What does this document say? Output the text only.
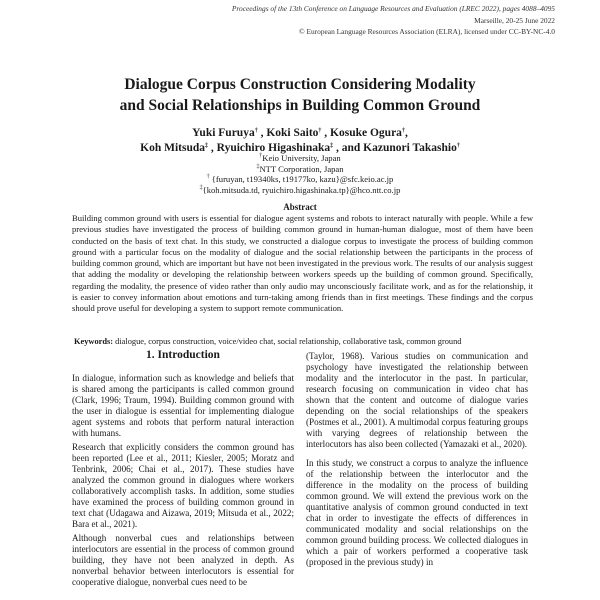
Proceedings of the 13th Conference on Language Resources and Evaluation (LREC 2022), pages 4088–4095
Marseille, 20-25 June 2022
© European Language Resources Association (ELRA), licensed under CC-BY-NC-4.0
Dialogue Corpus Construction Considering Modality
and Social Relationships in Building Common Ground
Yuki Furuya† , Koki Saito† , Kosuke Ogura†,
Koh Mitsuda‡ , Ryuichiro Higashinaka‡ , and Kazunori Takashio†
†Keio University, Japan
‡NTT Corporation, Japan
† {furuyan, t19340ks, t19177ko, kazu}@sfc.keio.ac.jp
‡{koh.mitsuda.td, ryuichiro.higashinaka.tp}@hco.ntt.co.jp
Abstract

Building common ground with users is essential for dialogue agent systems and robots to interact naturally with people. While a few previous studies have investigated the process of building common ground in human-human dialogue, most of them have been conducted on the basis of text chat. In this study, we constructed a dialogue corpus to investigate the process of building common ground with a particular focus on the modality of dialogue and the social relationship between the participants in the process of building common ground, which are important but have not been investigated in the previous work. The results of our analysis suggest that adding the modality or developing the relationship between workers speeds up the building of common ground. Specifically, regarding the modality, the presence of video rather than only audio may unconsciously facilitate work, and as for the relationship, it is easier to convey information about emotions and turn-taking among friends than in first meetings. These findings and the corpus should prove useful for developing a system to support remote communication.

Keywords: dialogue, corpus construction, voice/video chat, social relationship, collaborative task, common ground
1. Introduction

In dialogue, information such as knowledge and beliefs that is shared among the participants is called common ground (Clark, 1996; Traum, 1994). Building common ground with the user in dialogue is essential for implementing dialogue agent systems and robots that perform natural interaction with humans.

Research that explicitly considers the common ground has been reported (Lee et al., 2011; Kiesler, 2005; Moratz and Tenbrink, 2006; Chai et al., 2017). These studies have analyzed the common ground in dialogues where workers collaboratively accomplish tasks. In addition, some studies have examined the process of building common ground in text chat (Udagawa and Aizawa, 2019; Mitsuda et al., 2022; Bara et al., 2021).

Although nonverbal cues and relationships between interlocutors are essential in the process of common ground building, they have not been analyzed in depth. As nonverbal behavior between interlocutors is essential for cooperative dialogue, nonverbal cues need to be

(Taylor, 1968). Various studies on communication and psychology have investigated the relationship between modality and the interlocutor in the past. In particular, research focusing on communication in video chat has shown that the content and outcome of dialogue varies depending on the social relationships of the speakers (Postmes et al., 2001). A multimodal corpus featuring groups with varying degrees of relationship between the interlocutors has also been collected (Yamazaki et al., 2020).

In this study, we construct a corpus to analyze the influence of the relationship between the interlocutor and the difference in the modality on the process of building common ground. We will extend the previous work on the quantitative analysis of common ground conducted in text chat in order to investigate the effects of differences in communicated modality and social relationships on the common ground building process. We collected dialogues in which a pair of workers performed a cooperative task (proposed in the previous study) in
